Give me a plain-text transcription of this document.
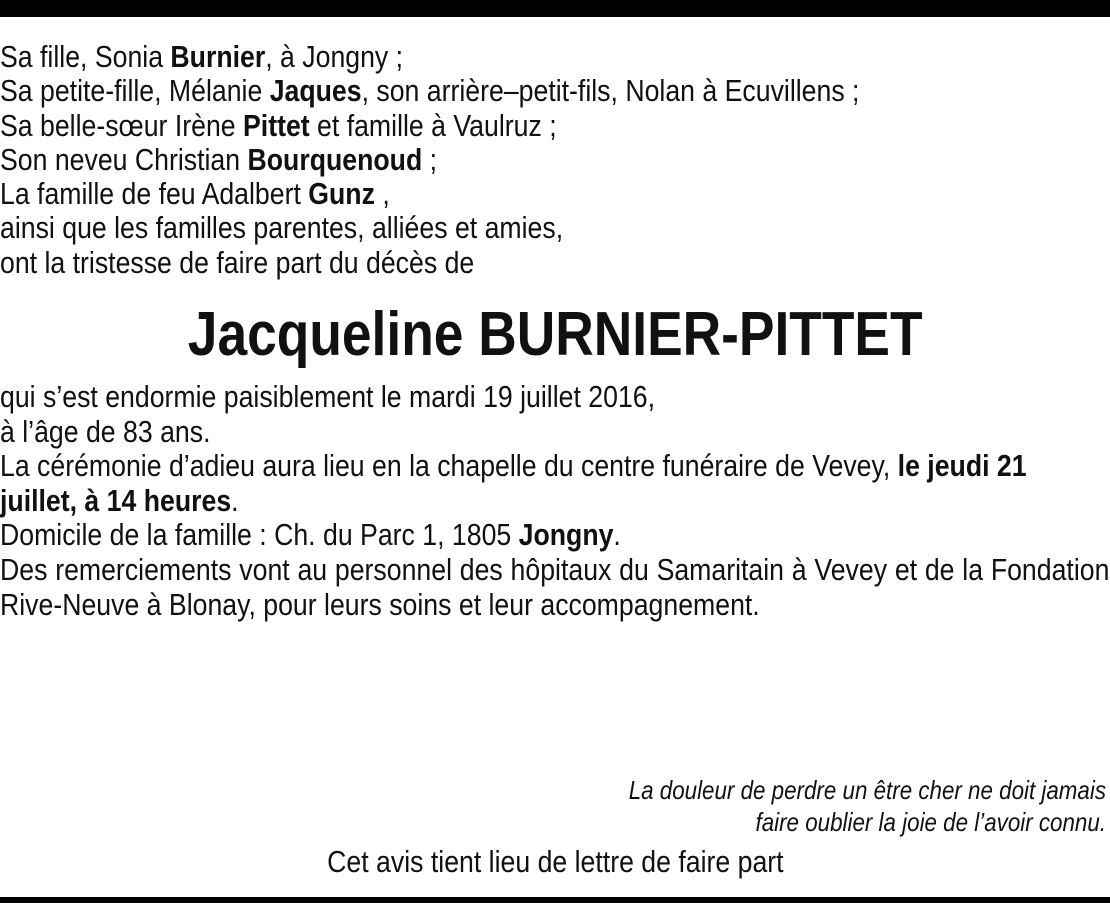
Sa fille, Sonia Burnier, à Jongny ;
Sa petite-fille, Mélanie Jaques, son arrière–petit-fils, Nolan à Ecuvillens ;
Sa belle-sœur Irène Pittet et famille à Vaulruz ;
Son neveu Christian Bourquenoud ;
La famille de feu Adalbert Gunz ,
ainsi que les familles parentes, alliées et amies,
ont la tristesse de faire part du décès de
Jacqueline BURNIER-PITTET

qui s’est endormie paisiblement le mardi 19 juillet 2016,

à l’âge de 83 ans.

La cérémonie d’adieu aura lieu en la chapelle du centre funéraire de Vevey, le jeudi 21 juillet, à 14 heures.

Domicile de la famille : Ch. du Parc 1, 1805 Jongny.

Des remerciements vont au personnel des hôpitaux du Samaritain à Vevey et de la Fondation Rive-Neuve à Blonay, pour leurs soins et leur accompagnement.

La douleur de perdre un être cher ne doit jamais
faire oublier la joie de l’avoir connu.
Cet avis tient lieu de lettre de faire part
